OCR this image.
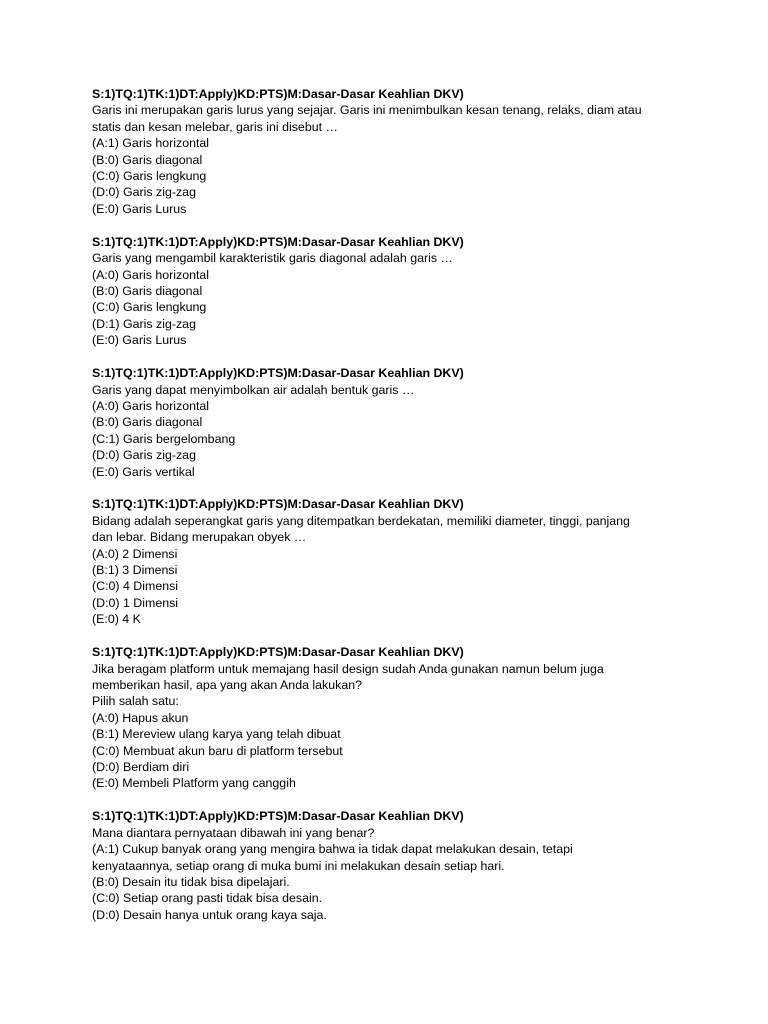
S:1)TQ:1)TK:1)DT:Apply)KD:PTS)M:Dasar-Dasar Keahlian DKV)
Garis ini merupakan garis lurus yang sejajar. Garis ini menimbulkan kesan tenang, relaks, diam atau
statis dan kesan melebar, garis ini disebut …
(A:1) Garis horizontal
(B:0) Garis diagonal
(C:0) Garis lengkung
(D:0) Garis zig-zag
(E:0) Garis Lurus
S:1)TQ:1)TK:1)DT:Apply)KD:PTS)M:Dasar-Dasar Keahlian DKV)
Garis yang mengambil karakteristik garis diagonal adalah garis …
(A:0) Garis horizontal
(B:0) Garis diagonal
(C:0) Garis lengkung
(D:1) Garis zig-zag
(E:0) Garis Lurus
S:1)TQ:1)TK:1)DT:Apply)KD:PTS)M:Dasar-Dasar Keahlian DKV)
Garis yang dapat menyimbolkan air adalah bentuk garis …
(A:0) Garis horizontal
(B:0) Garis diagonal
(C:1) Garis bergelombang
(D:0) Garis zig-zag
(E:0) Garis vertikal
S:1)TQ:1)TK:1)DT:Apply)KD:PTS)M:Dasar-Dasar Keahlian DKV)
Bidang adalah seperangkat garis yang ditempatkan berdekatan, memiliki diameter, tinggi, panjang
dan lebar. Bidang merupakan obyek …
(A:0) 2 Dimensi
(B:1) 3 Dimensi
(C:0) 4 Dimensi
(D:0) 1 Dimensi
(E:0) 4 K
S:1)TQ:1)TK:1)DT:Apply)KD:PTS)M:Dasar-Dasar Keahlian DKV)
Jika beragam platform untuk memajang hasil design sudah Anda gunakan namun belum juga
memberikan hasil, apa yang akan Anda lakukan?
Pilih salah satu:
(A:0) Hapus akun
(B:1) Mereview ulang karya yang telah dibuat
(C:0) Membuat akun baru di platform tersebut
(D:0) Berdiam diri
(E:0) Membeli Platform yang canggih
S:1)TQ:1)TK:1)DT:Apply)KD:PTS)M:Dasar-Dasar Keahlian DKV)
Mana diantara pernyataan dibawah ini yang benar?
(A:1) Cukup banyak orang yang mengira bahwa ia tidak dapat melakukan desain, tetapi
kenyataannya, setiap orang di muka bumi ini melakukan desain setiap hari.
(B:0) Desain itu tidak bisa dipelajari.
(C:0) Setiap orang pasti tidak bisa desain.
(D:0) Desain hanya untuk orang kaya saja.
